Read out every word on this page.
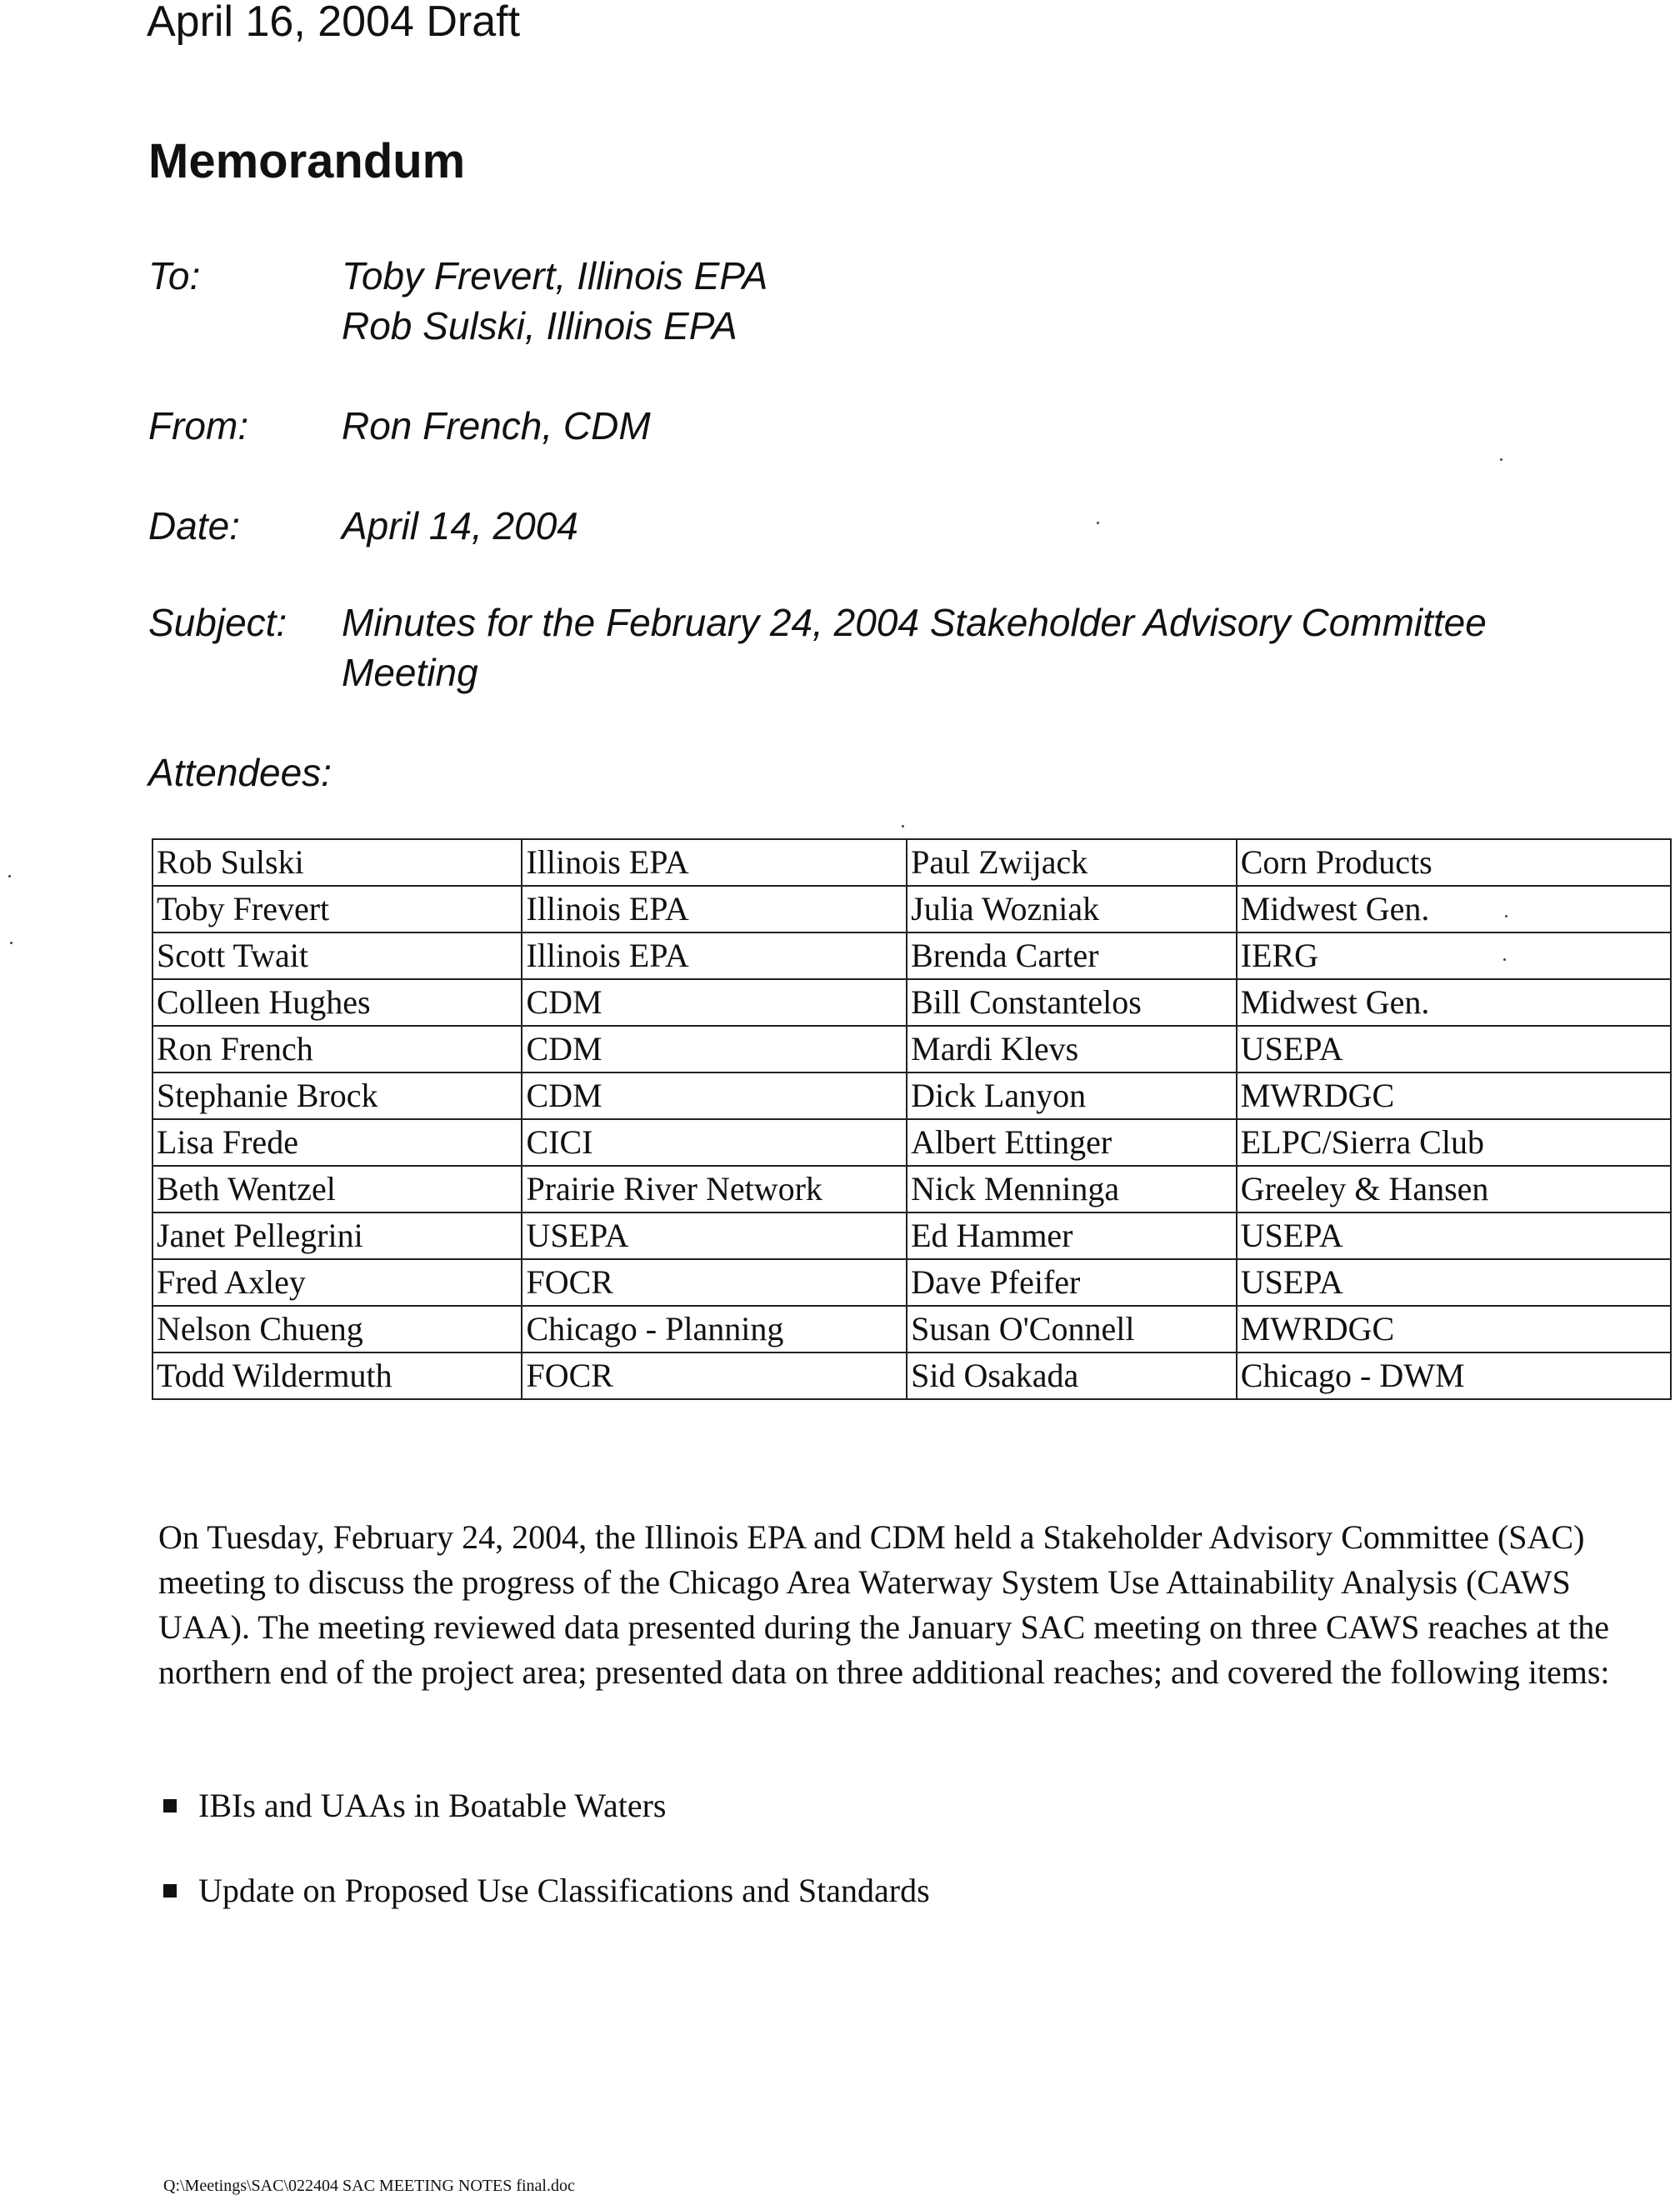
April 16, 2004 Draft
Memorandum
To:	Toby Frevert, Illinois EPA
Rob Sulski, Illinois EPA
From: Ron French, CDM
Date:	April 14, 2004
Subject: Minutes for the February 24, 2004 Stakeholder Advisory Committee
Meeting
Attendees:
Rob Sulski	Illinois EPA	Paul Zwijack	Corn Products
Toby Frevert	Illinois EPA	Julia Wozniak	Midwest Gen.
Scott Twait	Illinois EPA	Brenda Carter	IERG
Colleen Hughes	CDM	Bill Constantelos	Midwest Gen.
Ron French	CDM	Mardi Klevs	USEPA
Stephanie Brock	CDM	Dick Lanyon	MWRDGC
Lisa Frede	CICI	Albert Ettinger	ELPC/Sierra Club
Beth Wentzel	Prairie River Network	Nick Menninga	Greeley & Hansen
Janet Pellegrini	USEPA	Ed Hammer	USEPA
Fred Axley	FOCR	Dave Pfeifer	USEPA
Nelson Chueng	Chicago - Planning	Susan O'Connell	MWRDGC
Todd Wildermuth	FOCR	Sid Osakada	Chicago - DWM
On Tuesday, February 24, 2004, the Illinois EPA and CDM held a Stakeholder Advisory Committee (SAC) meeting to discuss the progress of the Chicago Area Waterway System Use Attainability Analysis (CAWS UAA). The meeting reviewed data presented during the January SAC meeting on three CAWS reaches at the northern end of the project area; presented data on three additional reaches; and covered the following items:
IBIs and UAAs in Boatable Waters
Update on Proposed Use Classifications and Standards
Q:\Meetings\SAC\022404 SAC MEETING NOTES final.doc
